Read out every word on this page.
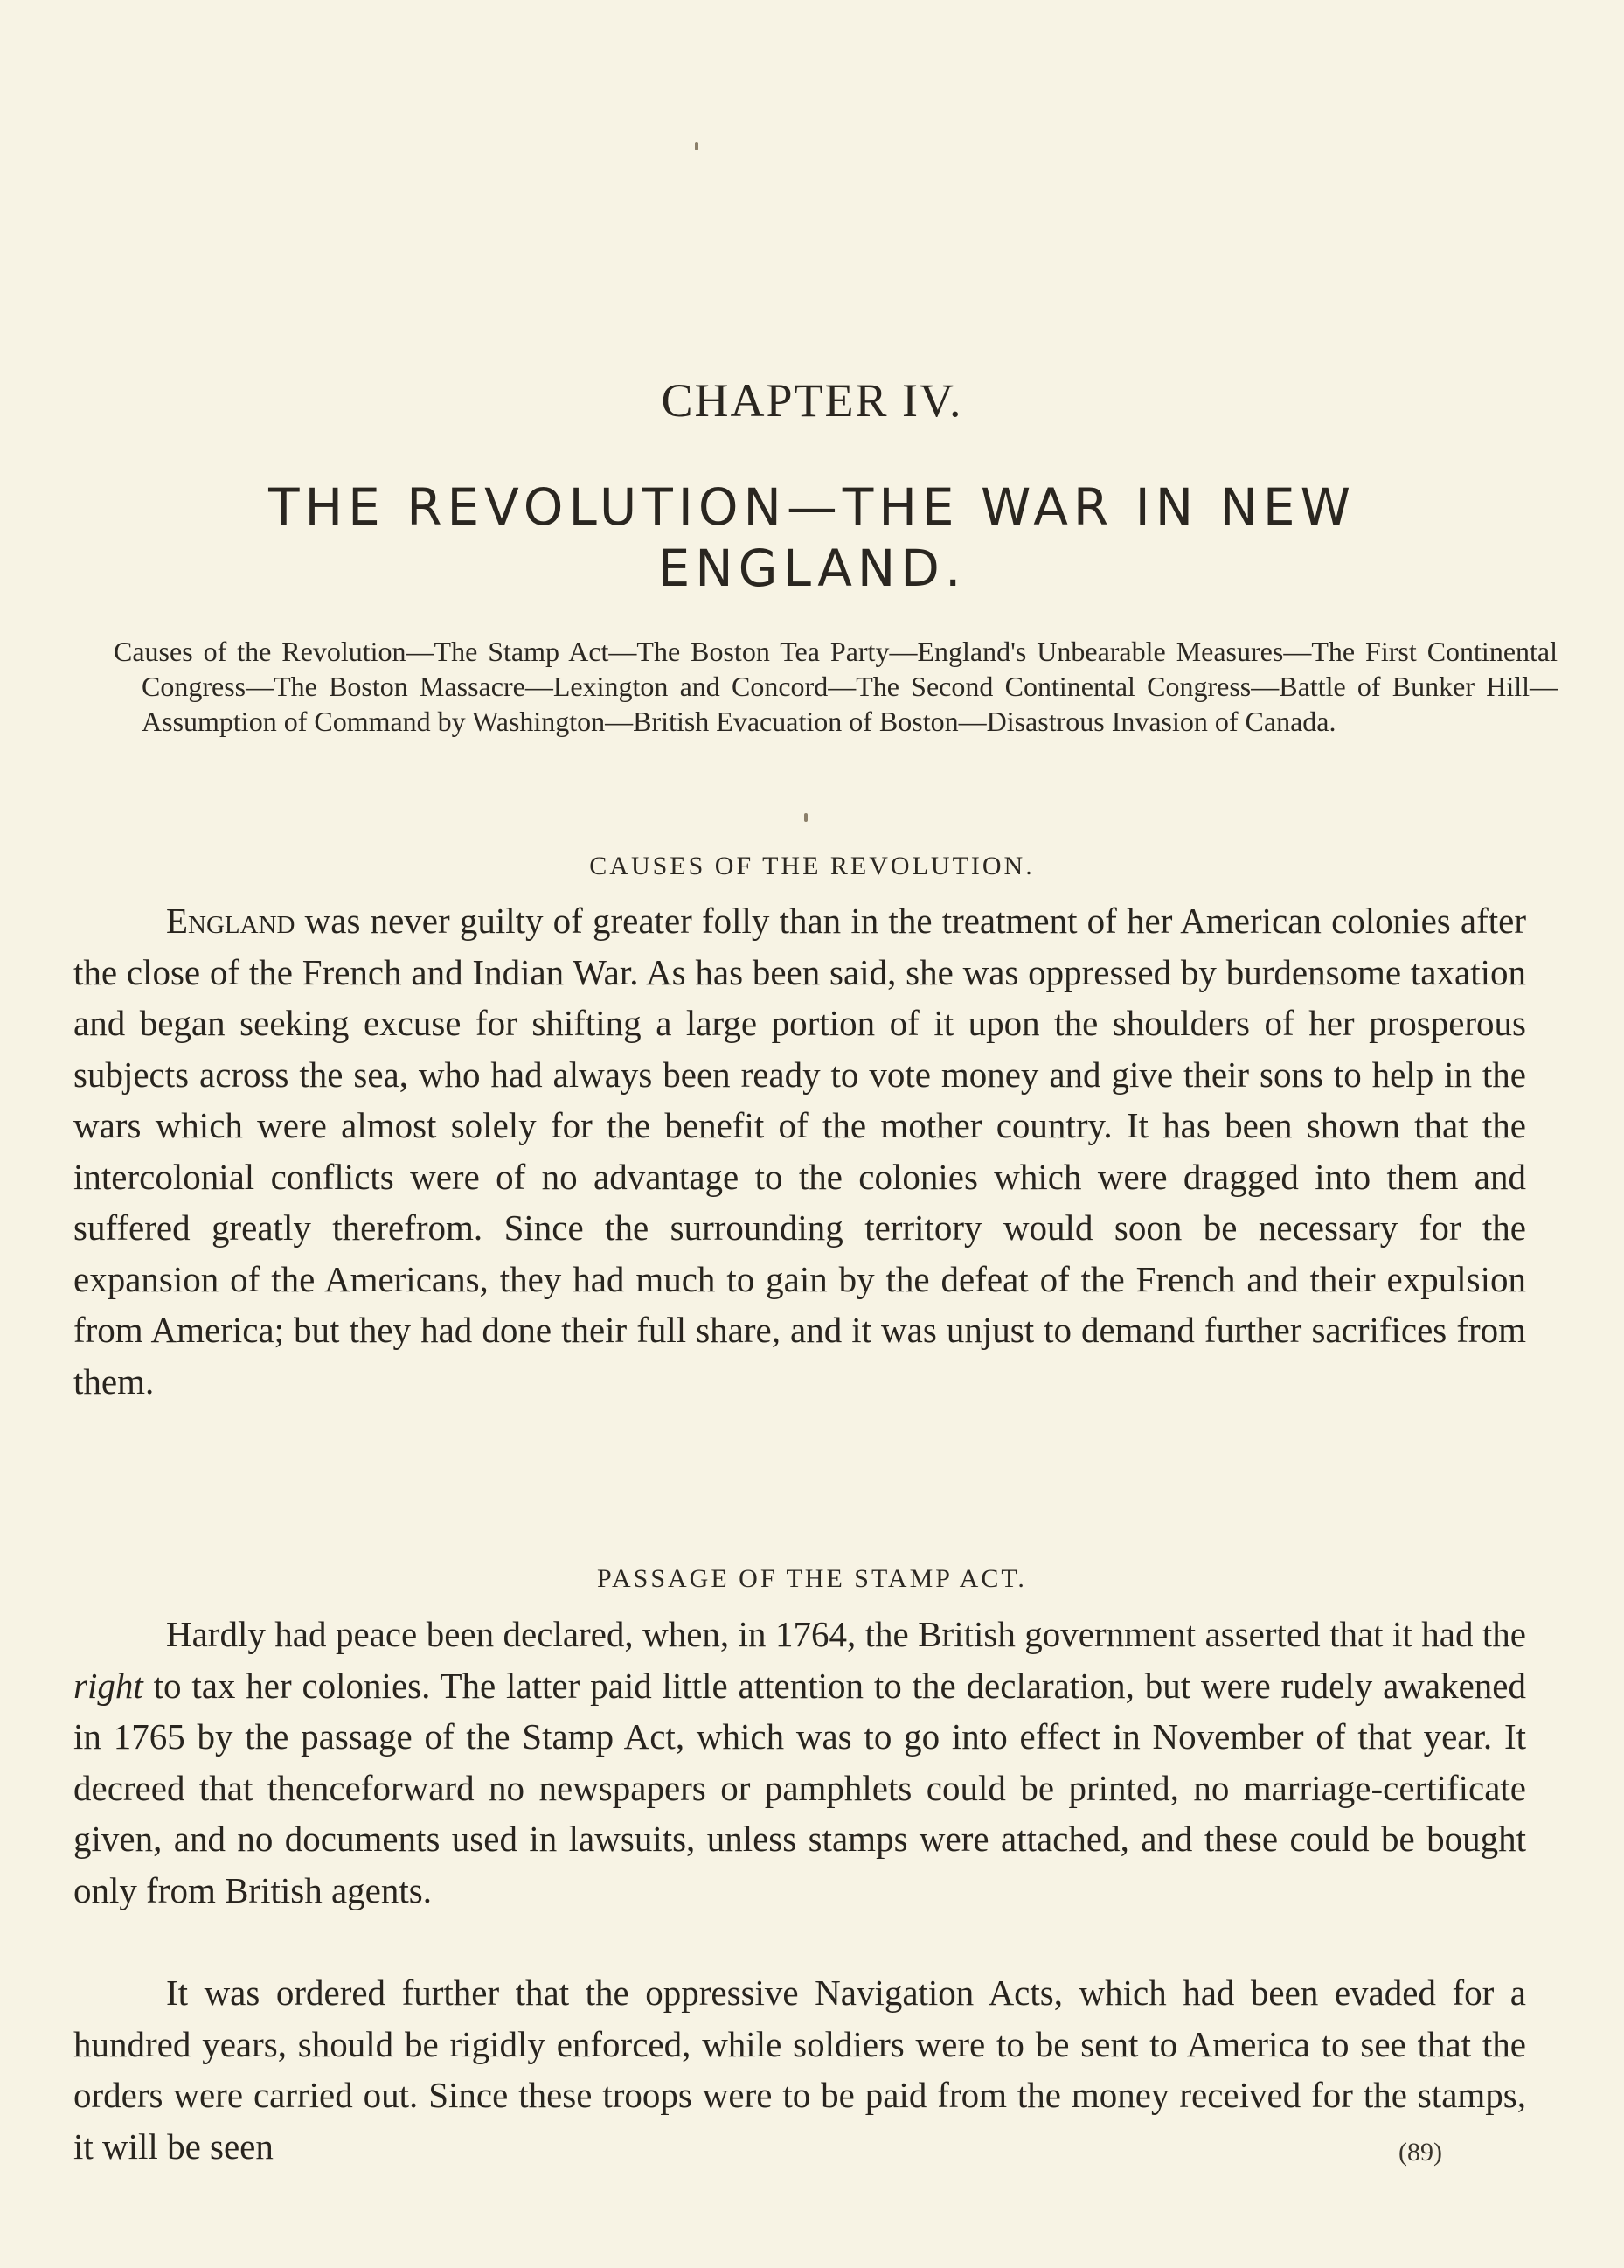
CHAPTER IV.
THE REVOLUTION—THE WAR IN NEW
ENGLAND.
Causes of the Revolution—The Stamp Act—The Boston Tea Party—England's Unbearable Measures—The First Continental Congress—The Boston Massacre—Lexington and Concord—The Second Continental Congress—Battle of Bunker Hill—Assumption of Command by Washington—British Evacuation of Boston—Disastrous Invasion of Canada.
CAUSES OF THE REVOLUTION.
England was never guilty of greater folly than in the treatment of her American colonies after the close of the French and Indian War. As has been said, she was oppressed by burdensome taxation and began seeking excuse for shifting a large portion of it upon the shoulders of her prosperous subjects across the sea, who had always been ready to vote money and give their sons to help in the wars which were almost solely for the benefit of the mother country. It has been shown that the intercolonial conflicts were of no advantage to the colonies which were dragged into them and suffered greatly therefrom. Since the surrounding territory would soon be necessary for the expansion of the Americans, they had much to gain by the defeat of the French and their expulsion from America; but they had done their full share, and it was unjust to demand further sacrifices from them.
PASSAGE OF THE STAMP ACT.
Hardly had peace been declared, when, in 1764, the British government asserted that it had the right to tax her colonies. The latter paid little attention to the declaration, but were rudely awakened in 1765 by the passage of the Stamp Act, which was to go into effect in November of that year. It decreed that thenceforward no newspapers or pamphlets could be printed, no marriage-certificate given, and no documents used in lawsuits, unless stamps were attached, and these could be bought only from British agents.
It was ordered further that the oppressive Navigation Acts, which had been evaded for a hundred years, should be rigidly enforced, while soldiers were to be sent to America to see that the orders were carried out. Since these troops were to be paid from the money received for the stamps, it will be seen	(89)
